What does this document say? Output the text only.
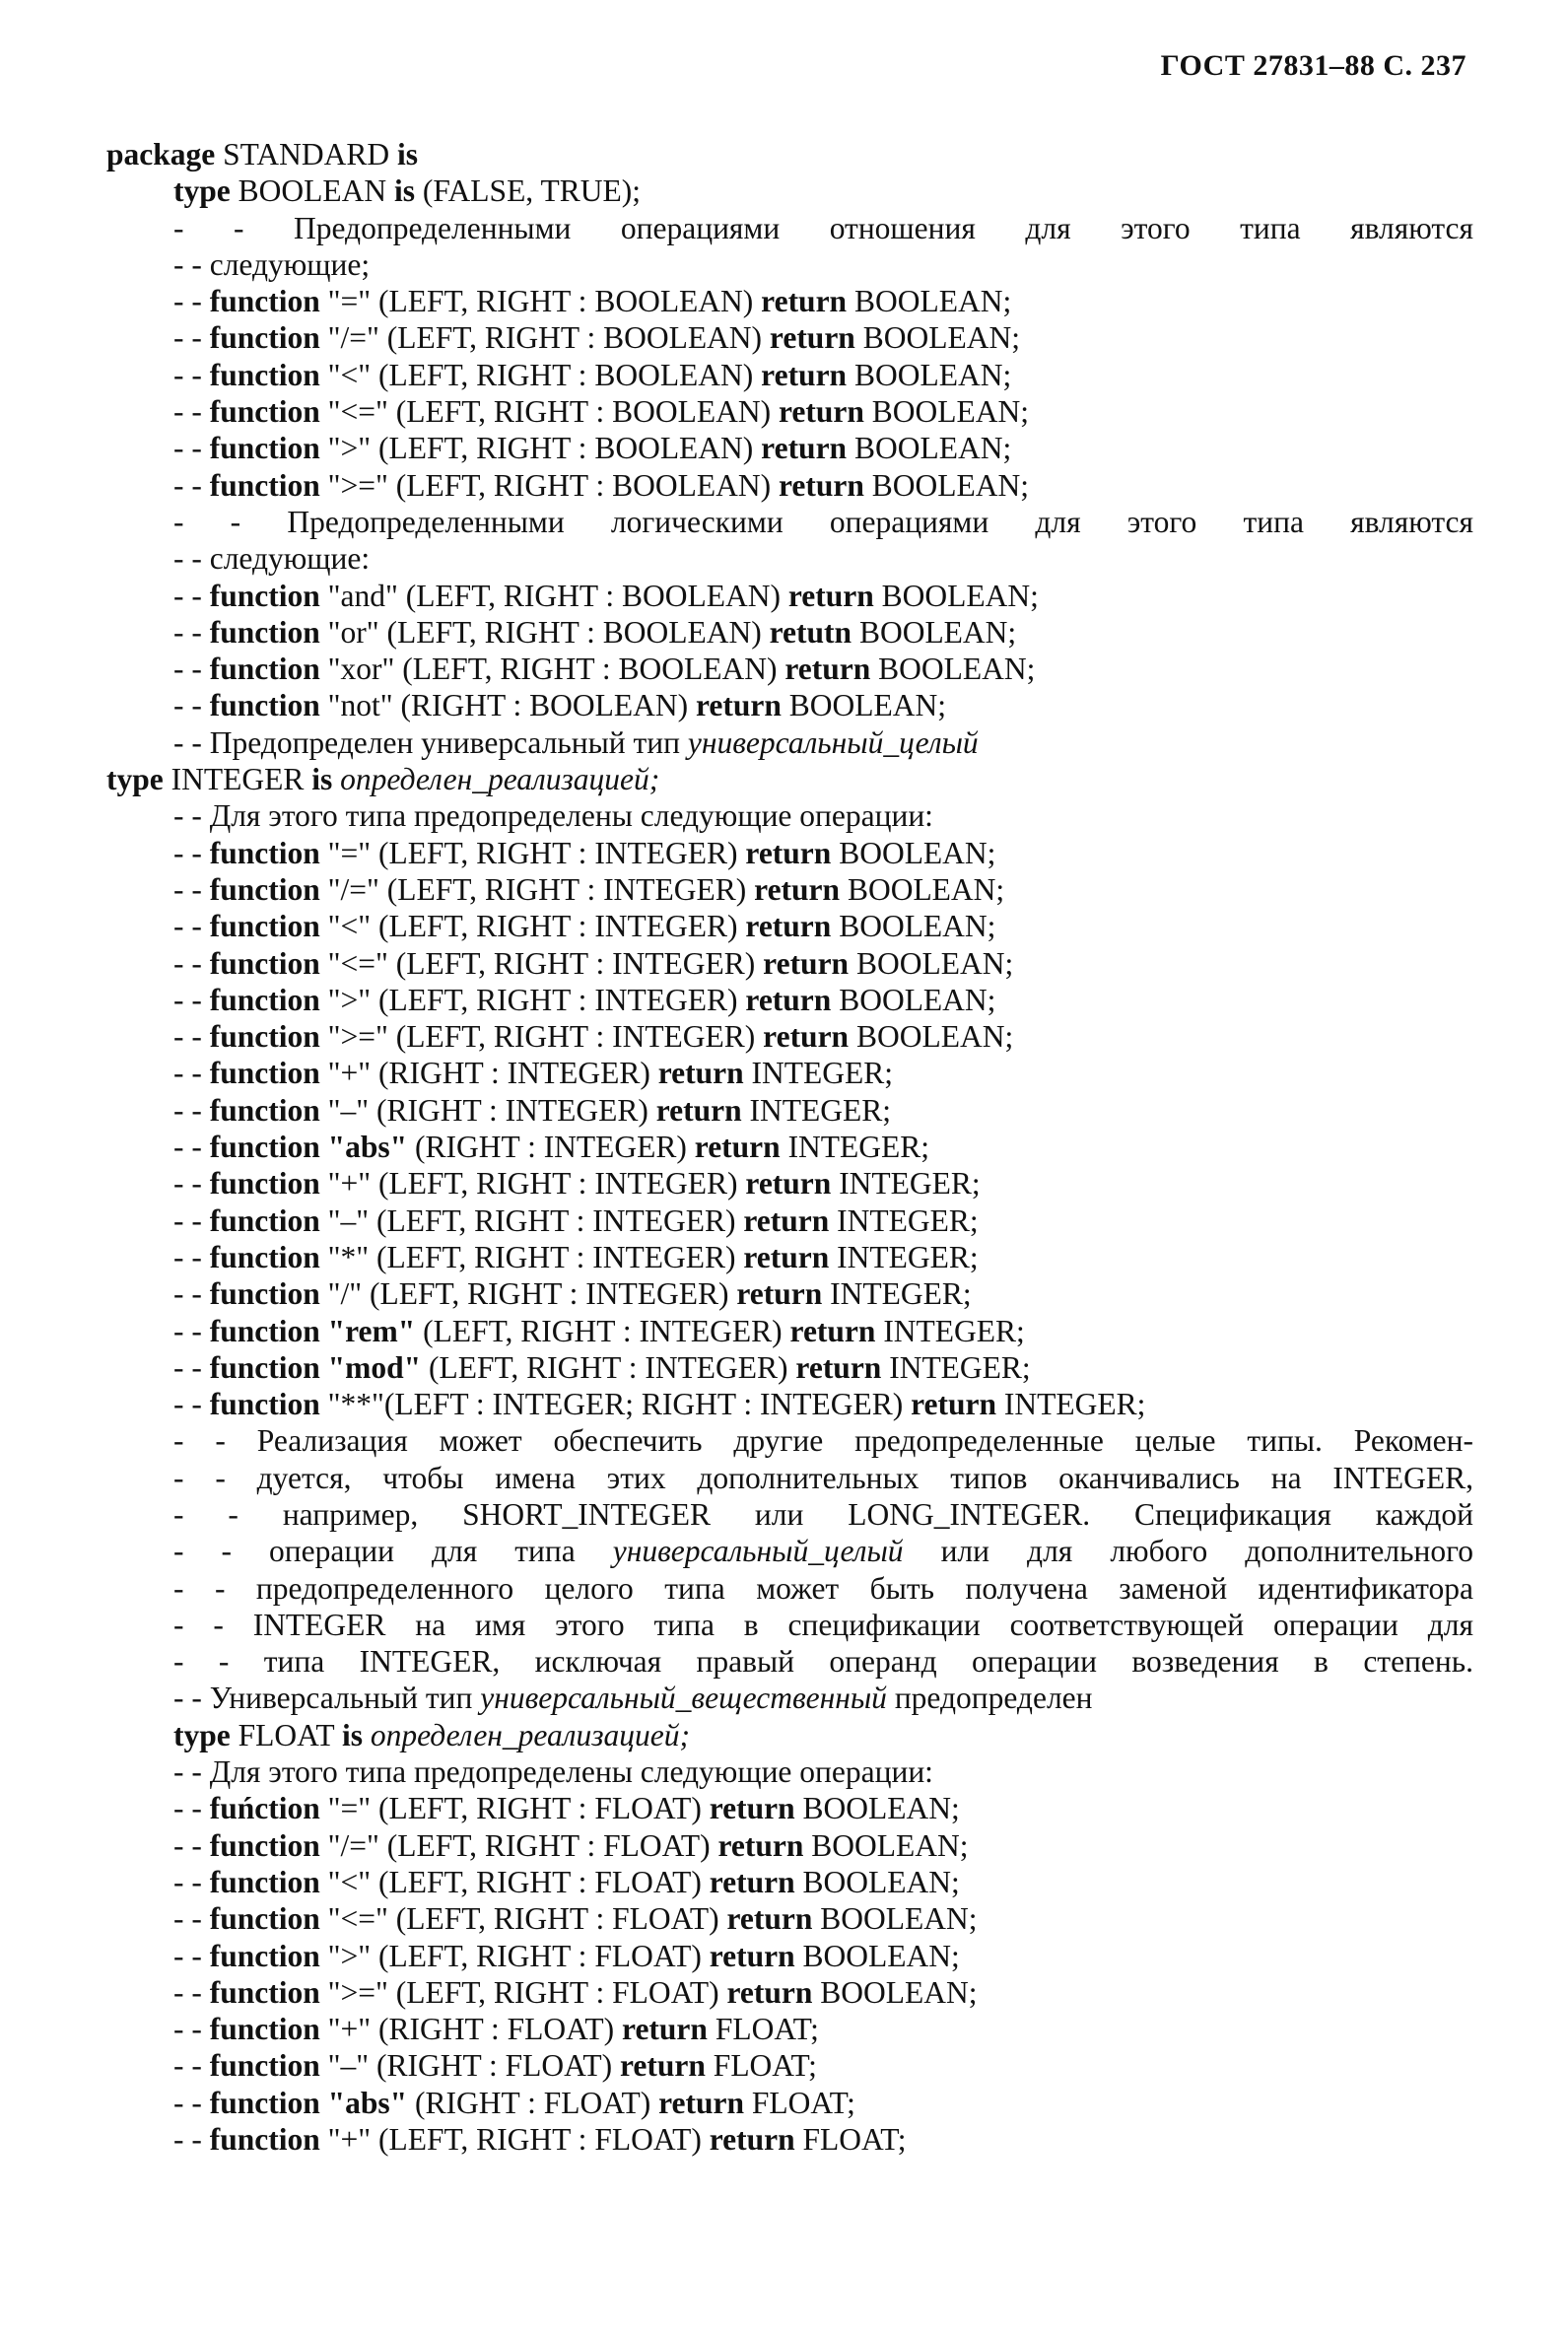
ГОСТ 27831–88 С. 237
package STANDARD is
type BOOLEAN is (FALSE, TRUE);
- - Предопределенными операциями отношения для этого типа являются
- - следующие;
- - function "=" (LEFT, RIGHT : BOOLEAN) return BOOLEAN;
- - function "/=" (LEFT, RIGHT : BOOLEAN) return BOOLEAN;
- - function "<" (LEFT, RIGHT : BOOLEAN) return BOOLEAN;
- - function "<=" (LEFT, RIGHT : BOOLEAN) return BOOLEAN;
- - function ">" (LEFT, RIGHT : BOOLEAN) return BOOLEAN;
- - function ">=" (LEFT, RIGHT : BOOLEAN) return BOOLEAN;
- - Предопределенными логическими операциями для этого типа являются
- - следующие:
- - function "and" (LEFT, RIGHT : BOOLEAN) return BOOLEAN;
- - function "or" (LEFT, RIGHT : BOOLEAN) retutn BOOLEAN;
- - function "xor" (LEFT, RIGHT : BOOLEAN) return BOOLEAN;
- - function "not" (RIGHT : BOOLEAN) return BOOLEAN;
- - Предопределен универсальный тип универсальный_целый
type INTEGER is определен_реализацией;
- - Для этого типа предопределены следующие операции:
- - function "=" (LEFT, RIGHT : INTEGER) return BOOLEAN;
- - function "/=" (LEFT, RIGHT : INTEGER) return BOOLEAN;
- - function "<" (LEFT, RIGHT : INTEGER) return BOOLEAN;
- - function "<=" (LEFT, RIGHT : INTEGER) return BOOLEAN;
- - function ">" (LEFT, RIGHT : INTEGER) return BOOLEAN;
- - function ">=" (LEFT, RIGHT : INTEGER) return BOOLEAN;
- - function "+" (RIGHT : INTEGER) return INTEGER;
- - function "–" (RIGHT : INTEGER) return INTEGER;
- - function "abs" (RIGHT : INTEGER) return INTEGER;
- - function "+" (LEFT, RIGHT : INTEGER) return INTEGER;
- - function "–" (LEFT, RIGHT : INTEGER) return INTEGER;
- - function "*" (LEFT, RIGHT : INTEGER) return INTEGER;
- - function "/" (LEFT, RIGHT : INTEGER) return INTEGER;
- - function "rem" (LEFT, RIGHT : INTEGER) return INTEGER;
- - function "mod" (LEFT, RIGHT : INTEGER) return INTEGER;
- - function "**"(LEFT : INTEGER; RIGHT : INTEGER) return INTEGER;
- - Реализация может обеспечить другие предопределенные целые типы. Рекомен-
- - дуется, чтобы имена этих дополнительных типов оканчивались на INTEGER,
- - например, SHORT_INTEGER или LONG_INTEGER. Спецификация каждой
- - операции для типа универсальный_целый или для любого дополнительного
- - предопределенного целого типа может быть получена заменой идентификатора
- - INTEGER на имя этого типа в спецификации соответствующей операции для
- - типа INTEGER, исключая правый операнд операции возведения в степень.
- - Универсальный тип универсальный_вещественный предопределен
type FLOAT is определен_реализацией;
- - Для этого типа предопределены следующие операции:
- - fuńction "=" (LEFT, RIGHT : FLOAT) return BOOLEAN;
- - function "/=" (LEFT, RIGHT : FLOAT) return BOOLEAN;
- - function "<" (LEFT, RIGHT : FLOAT) return BOOLEAN;
- - function "<=" (LEFT, RIGHT : FLOAT) return BOOLEAN;
- - function ">" (LEFT, RIGHT : FLOAT) return BOOLEAN;
- - function ">=" (LEFT, RIGHT : FLOAT) return BOOLEAN;
- - function "+" (RIGHT : FLOAT) return FLOAT;
- - function "–" (RIGHT : FLOAT) return FLOAT;
- - function "abs" (RIGHT : FLOAT) return FLOAT;
- - function "+" (LEFT, RIGHT : FLOAT) return FLOAT;
